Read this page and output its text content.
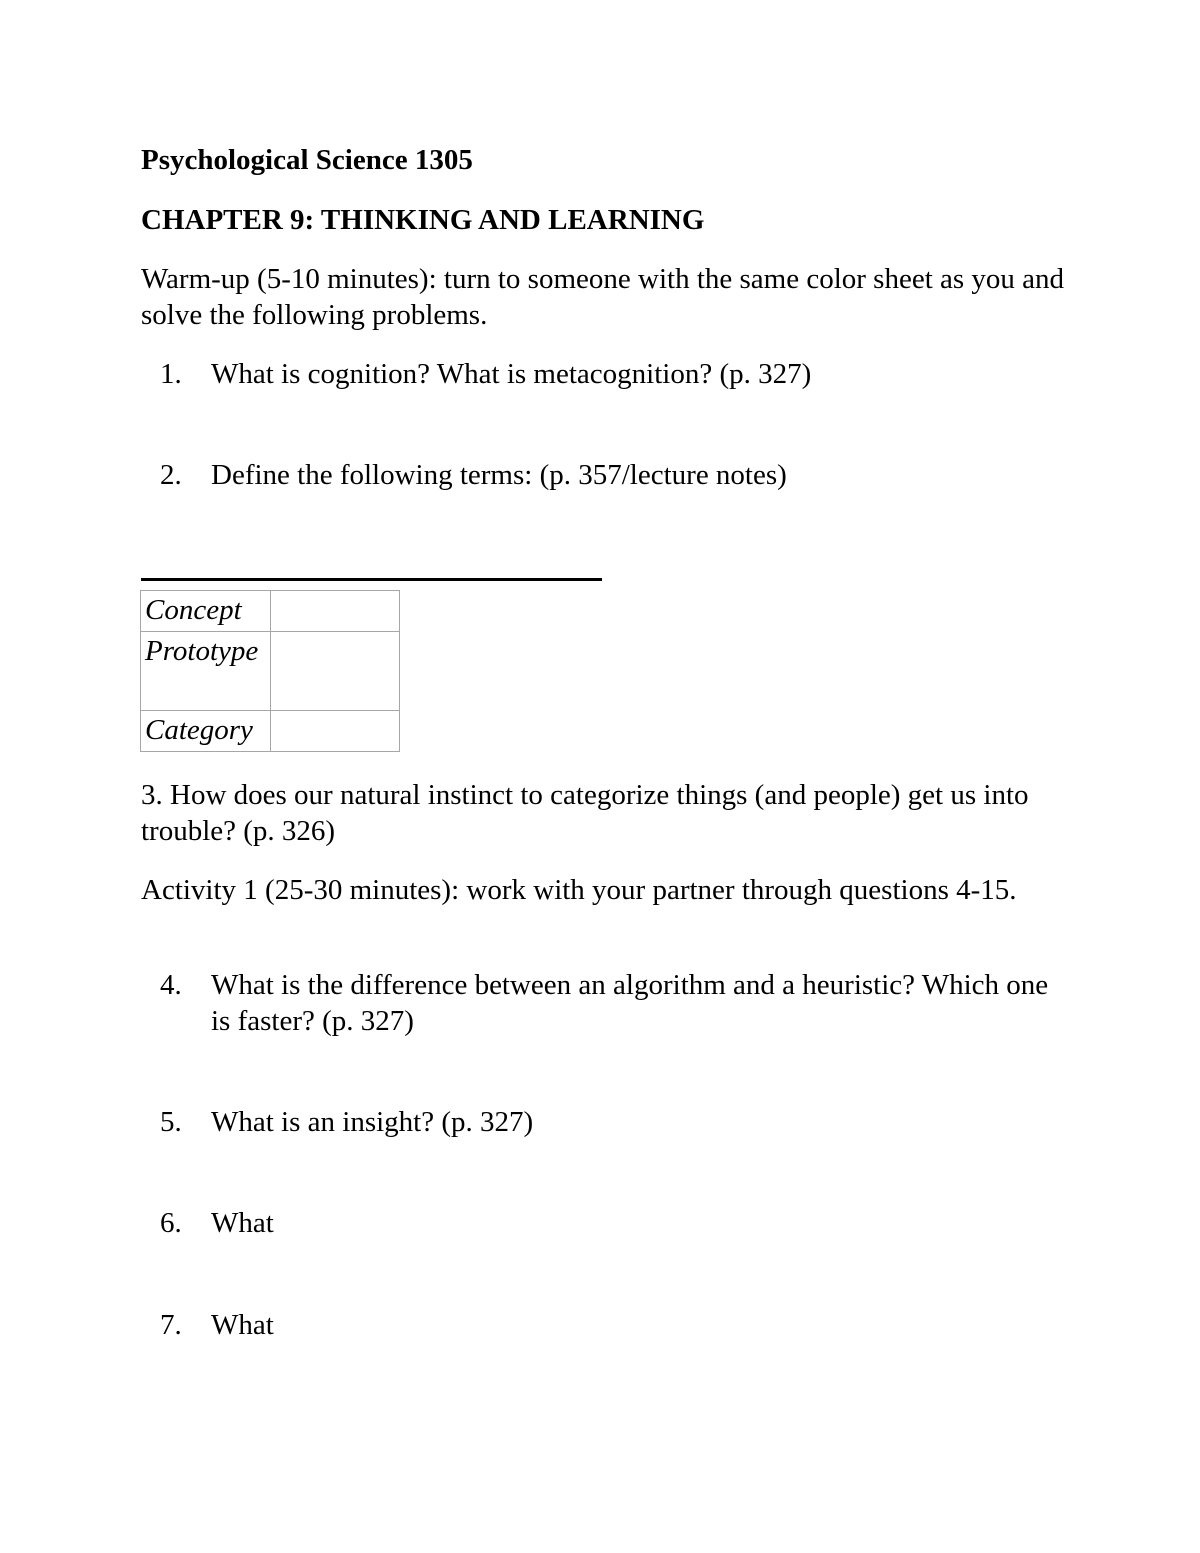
Psychological Science 1305
CHAPTER 9: THINKING AND LEARNING

Warm-up (5-10 minutes): turn to someone with the same color sheet as you and solve the following problems.

1. What is cognition? What is metacognition? (p. 327)
2. Define the following terms: (p. 357/lecture notes)
Concept	

Prototype	

Category	

3. How does our natural instinct to categorize things (and people) get us into trouble? (p. 326)

Activity 1 (25-30 minutes): work with your partner through questions 4-15.

4. What is the difference between an algorithm and a heuristic? Which one is faster? (p. 327)
5. What is an insight? (p. 327)
6. What
7. What
